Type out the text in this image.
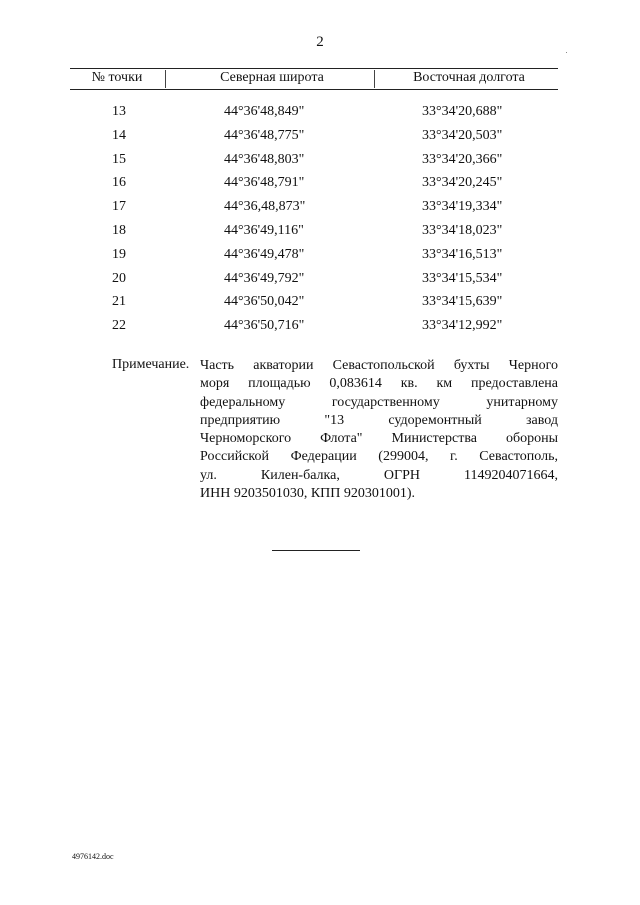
2
№ точки	Северная широта	Восточная долгота
13	44°36'48,849"	33°34'20,688"
14	44°36'48,775"	33°34'20,503"
15	44°36'48,803"	33°34'20,366"
16	44°36'48,791"	33°34'20,245"
17	44°36,48,873"	33°34'19,334"
18	44°36'49,116"	33°34'18,023"
19	44°36'49,478"	33°34'16,513"
20	44°36'49,792"	33°34'15,534"
21	44°36'50,042"	33°34'15,639"
22	44°36'50,716"	33°34'12,992"
Примечание. Часть акватории Севастопольской бухты Черного
моря площадью 0,083614 кв. км предоставлена
федеральному государственному унитарному
предприятию "13 судоремонтный завод
Черноморского Флота" Министерства обороны
Российской Федерации (299004, г. Севастополь,
ул. Килен-балка, ОГРН 1149204071664,
ИНН 9203501030, КПП 920301001).
4976142.doc
